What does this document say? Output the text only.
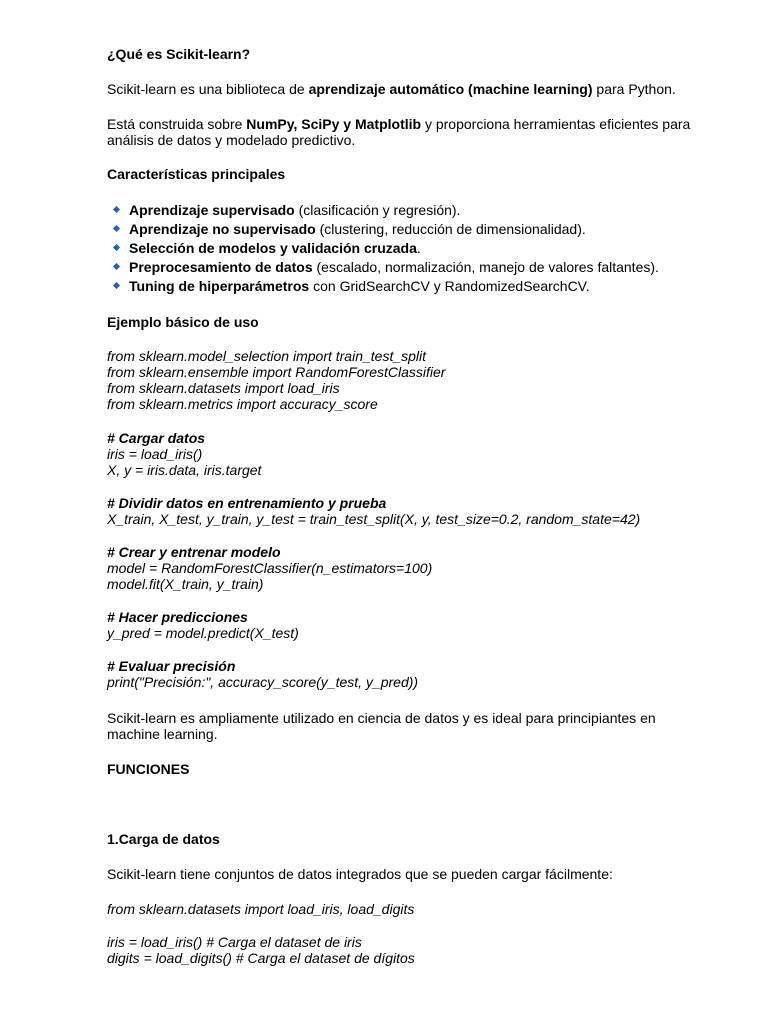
¿Qué es Scikit-learn?

Scikit-learn es una biblioteca de aprendizaje automático (machine learning) para Python.

Está construida sobre NumPy, SciPy y Matplotlib y proporciona herramientas eficientes para

análisis de datos y modelado predictivo.

Características principales

Aprendizaje supervisado (clasificación y regresión).
Aprendizaje no supervisado (clustering, reducción de dimensionalidad).
Selección de modelos y validación cruzada.
Preprocesamiento de datos (escalado, normalización, manejo de valores faltantes).
Tuning de hiperparámetros con GridSearchCV y RandomizedSearchCV.

Ejemplo básico de uso

from sklearn.model_selection import train_test_split

from sklearn.ensemble import RandomForestClassifier

from sklearn.datasets import load_iris

from sklearn.metrics import accuracy_score

# Cargar datos

iris = load_iris()

X, y = iris.data, iris.target

# Dividir datos en entrenamiento y prueba

X_train, X_test, y_train, y_test = train_test_split(X, y, test_size=0.2, random_state=42)

# Crear y entrenar modelo

model = RandomForestClassifier(n_estimators=100)

model.fit(X_train, y_train)

# Hacer predicciones

y_pred = model.predict(X_test)

# Evaluar precisión

print("Precisión:", accuracy_score(y_test, y_pred))

Scikit-learn es ampliamente utilizado en ciencia de datos y es ideal para principiantes en

machine learning.

FUNCIONES

1.Carga de datos

Scikit-learn tiene conjuntos de datos integrados que se pueden cargar fácilmente:

from sklearn.datasets import load_iris, load_digits

iris = load_iris() # Carga el dataset de iris

digits = load_digits() # Carga el dataset de dígitos
